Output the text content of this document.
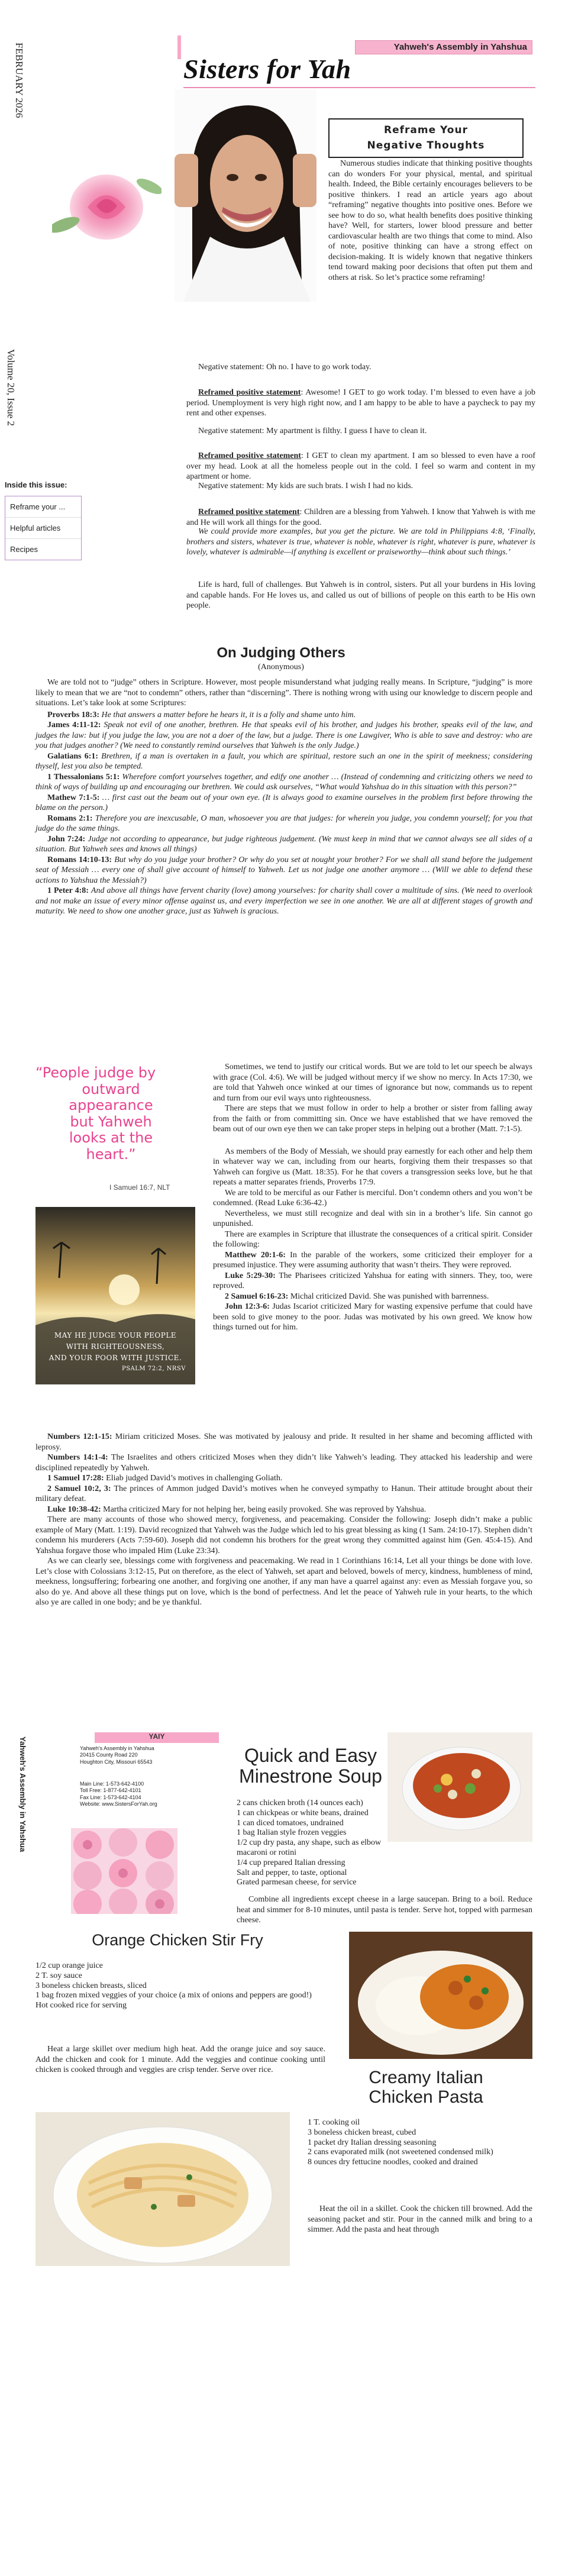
Yahweh's Assembly in Yahshua
Sisters for Yah
FEBRUARY 2026
Volume 20, Issue 2
Inside this issue:
Reframe your ...
Helpful articles
Recipes
Reframe Your
Negative Thoughts

Numerous studies indicate that thinking positive thoughts can do wonders For your physical, mental, and spiritual health. Indeed, the Bible certainly encourages believers to be positive thinkers. I read an article years ago about “reframing” negative thoughts into positive ones. Before we see how to do so, what health benefits does positive thinking have? Well, for starters, lower blood pressure and better cardiovascular health are two things that come to mind. Also of note, positive thinking can have a strong effect on decision-making. It is widely known that negative thinkers tend toward making poor decisions that often put them and others at risk. So let’s practice some reframing!

Negative statement: Oh no. I have to go work today.

Reframed positive statement: Awesome! I GET to go work today. I’m blessed to even have a job period. Unemployment is very high right now, and I am happy to be able to have a paycheck to pay my rent and other expenses.

Negative statement: My apartment is filthy. I guess I have to clean it.

Reframed positive statement: I GET to clean my apartment. I am so blessed to even have a roof over my head. Look at all the homeless people out in the cold. I feel so warm and content in my apartment or home.

Negative statement: My kids are such brats. I wish I had no kids.

Reframed positive statement: Children are a blessing from Yahweh. I know that Yahweh is with me and He will work all things for the good.

We could provide more examples, but you get the picture. We are told in Philippians 4:8, ‘Finally, brothers and sisters, whatever is true, whatever is noble, whatever is right, whatever is pure, whatever is lovely, whatever is admirable—if anything is excellent or praiseworthy—think about such things.’

Life is hard, full of challenges. But Yahweh is in control, sisters. Put all your burdens in His loving and capable hands. For He loves us, and called us out of billions of people on this earth to be His own people.

On Judging Others
(Anonymous)

We are told not to “judge” others in Scripture. However, most people misunderstand what judging really means. In Scripture, “judging” is more likely to mean that we are “not to condemn” others, rather than “discerning”. There is nothing wrong with using our knowledge to discern people and situations. Let’s take look at some Scriptures:

Proverbs 18:3: He that answers a matter before he hears it, it is a folly and shame unto him.

James 4:11-12: Speak not evil of one another, brethren. He that speaks evil of his brother, and judges his brother, speaks evil of the law, and judges the law: but if you judge the law, you are not a doer of the law, but a judge. There is one Lawgiver, Who is able to save and destroy: who are you that judges another? (We need to constantly remind ourselves that Yahweh is the only Judge.)

Galatians 6:1: Brethren, if a man is overtaken in a fault, you which are spiritual, restore such an one in the spirit of meekness; considering thyself, lest you also be tempted.

1 Thessalonians 5:1: Wherefore comfort yourselves together, and edify one another … (Instead of condemning and criticizing others we need to think of ways of building up and encouraging our brethren. We could ask ourselves, “What would Yahshua do in this situation with this person?”

Mathew 7:1-5: … first cast out the beam out of your own eye. (It is always good to examine ourselves in the problem first before throwing the blame on the person.)

Romans 2:1: Therefore you are inexcusable, O man, whosoever you are that judges: for wherein you judge, you condemn yourself; for you that judge do the same things.

John 7:24: Judge not according to appearance, but judge righteous judgement. (We must keep in mind that we cannot always see all sides of a situation. But Yahweh sees and knows all things)

Romans 14:10-13: But why do you judge your brother? Or why do you set at nought your brother? For we shall all stand before the judgement seat of Messiah … every one of shall give account of himself to Yahweh. Let us not judge one another anymore … (Will we able to defend these actions to Yahshua the Messiah?)

1 Peter 4:8: And above all things have fervent charity (love) among yourselves: for charity shall cover a multitude of sins. (We need to overlook and not make an issue of every minor offense against us, and every imperfection we see in one another. We are all at different stages of growth and maturity. We need to show one another grace, just as Yahweh is gracious.

“People judge by
outward
appearance
but Yahweh
looks at the
heart.”
I Samuel 16:7, NLT
MAY HE JUDGE YOUR PEOPLE
WITH RIGHTEOUSNESS,
AND YOUR POOR WITH JUSTICE.
PSALM 72:2, NRSV

Sometimes, we tend to justify our critical words. But we are told to let our speech be always with grace (Col. 4:6). We will be judged without mercy if we show no mercy. In Acts 17:30, we are told that Yahweh once winked at our times of ignorance but now, commands us to repent and turn from our evil ways unto righteousness.

There are steps that we must follow in order to help a brother or sister from falling away from the faith or from committing sin. Once we have established that we have removed the beam out of our own eye then we can take proper steps in helping out a brother (Matt. 7:1-5).

As members of the Body of Messiah, we should pray earnestly for each other and help them in whatever way we can, including from our hearts, forgiving them their trespasses so that Yahweh can forgive us (Matt. 18:35). For he that covers a transgression seeks love, but he that repeats a matter separates friends, Proverbs 17:9.

We are told to be merciful as our Father is merciful. Don’t condemn others and you won’t be condemned. (Read Luke 6:36-42.)

Nevertheless, we must still recognize and deal with sin in a brother’s life. Sin cannot go unpunished.

There are examples in Scripture that illustrate the consequences of a critical spirit. Consider the following:

Matthew 20:1-6: In the parable of the workers, some criticized their employer for a presumed injustice. They were assuming authority that wasn’t theirs. They were reproved.

Luke 5:29-30: The Pharisees criticized Yahshua for eating with sinners. They, too, were reproved.

2 Samuel 6:16-23: Michal criticized David. She was punished with barrenness.

John 12:3-6: Judas Iscariot criticized Mary for wasting expensive perfume that could have been sold to give money to the poor. Judas was motivated by his own greed. We know how things turned out for him.

Numbers 12:1-15: Miriam criticized Moses. She was motivated by jealousy and pride. It resulted in her shame and becoming afflicted with leprosy.

Numbers 14:1-4: The Israelites and others criticized Moses when they didn’t like Yahweh’s leading. They attacked his leadership and were disciplined repeatedly by Yahweh.

1 Samuel 17:28: Eliab judged David’s motives in challenging Goliath.

2 Samuel 10:2, 3: The princes of Ammon judged David’s motives when he conveyed sympathy to Hanun. Their attitude brought about their military defeat.

Luke 10:38-42: Martha criticized Mary for not helping her, being easily provoked. She was reproved by Yahshua.

There are many accounts of those who showed mercy, forgiveness, and peacemaking. Consider the following: Joseph didn’t make a public example of Mary (Matt. 1:19). David recognized that Yahweh was the Judge which led to his great blessing as king (1 Sam. 24:10-17). Stephen didn’t condemn his murderers (Acts 7:59-60). Joseph did not condemn his brothers for the great wrong they committed against him (Gen. 45:4-15). And Yahshua forgave those who impaled Him (Luke 23:34).

As we can clearly see, blessings come with forgiveness and peacemaking. We read in 1 Corinthians 16:14, Let all your things be done with love. Let’s close with Colossians 3:12-15, Put on therefore, as the elect of Yahweh, set apart and beloved, bowels of mercy, kindness, humbleness of mind, meekness, longsuffering; forbearing one another, and forgiving one another, if any man have a quarrel against any: even as Messiah forgave you, so also do ye. And above all these things put on love, which is the bond of perfectness. And let the peace of Yahweh rule in your hearts, to the which also ye are called in one body; and be ye thankful.

Yahweh's Assembly in Yahshua	YAIY
Yahweh's Assembly in Yahshua
20415 County Road 220
Houghton City, Missouri 65543
Main Line: 1-573-642-4100
Toll Free: 1-877-642-4101
Fax Line: 1-573-642-4104
Website: www.SistersForYah.org
Quick and Easy
Minestrone Soup
2 cans chicken broth (14 ounces each)
1 can chickpeas or white beans, drained
1 can diced tomatoes, undrained
1 bag Italian style frozen veggies
1/2 cup dry pasta, any shape, such as elbow macaroni or rotini
1/4 cup prepared Italian dressing
Salt and pepper, to taste, optional
Grated parmesan cheese, for service

Combine all ingredients except cheese in a large saucepan. Bring to a boil. Reduce heat and simmer for 8-10 minutes, until pasta is tender. Serve hot, topped with parmesan cheese.

Orange Chicken Stir Fry
1/2 cup orange juice
2 T. soy sauce
3 boneless chicken breasts, sliced
1 bag frozen mixed veggies of your choice (a mix of onions and peppers are good!)
Hot cooked rice for serving

Heat a large skillet over medium high heat. Add the orange juice and soy sauce. Add the chicken and cook for 1 minute. Add the veggies and continue cooking until chicken is cooked through and veggies are crisp tender. Serve over rice.	Creamy Italian
Chicken Pasta
1 T. cooking oil
3 boneless chicken breast, cubed
1 packet dry Italian dressing seasoning
2 cans evaporated milk (not sweetened condensed milk)
8 ounces dry fettucine noodles, cooked and drained

Heat the oil in a skillet. Cook the chicken till browned. Add the seasoning packet and stir. Pour in the canned milk and bring to a simmer. Add the pasta and heat through
